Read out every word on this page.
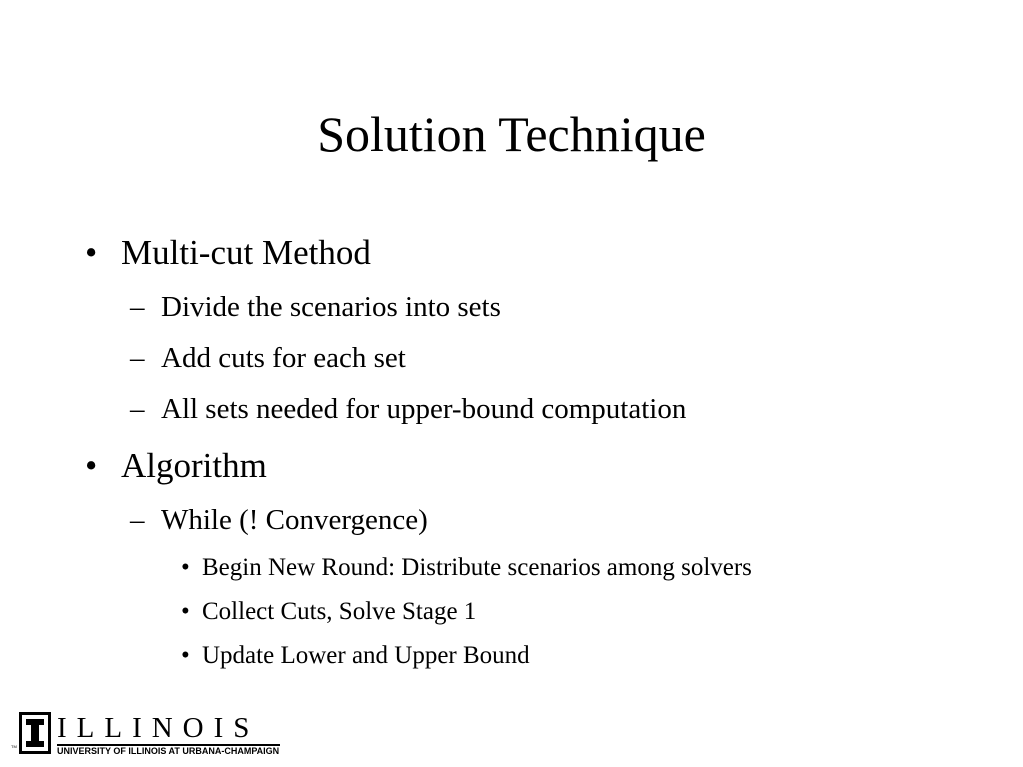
Solution Technique
• Multi-cut Method
– Divide the scenarios into sets
– Add cuts for each set
– All sets needed for upper-bound computation
• Algorithm
– While (! Convergence)
• Begin New Round: Distribute scenarios among solvers
• Collect Cuts, Solve Stage 1
• Update Lower and Upper Bound
TM
ILLINOIS
UNIVERSITY OF ILLINOIS AT URBANA-CHAMPAIGN
